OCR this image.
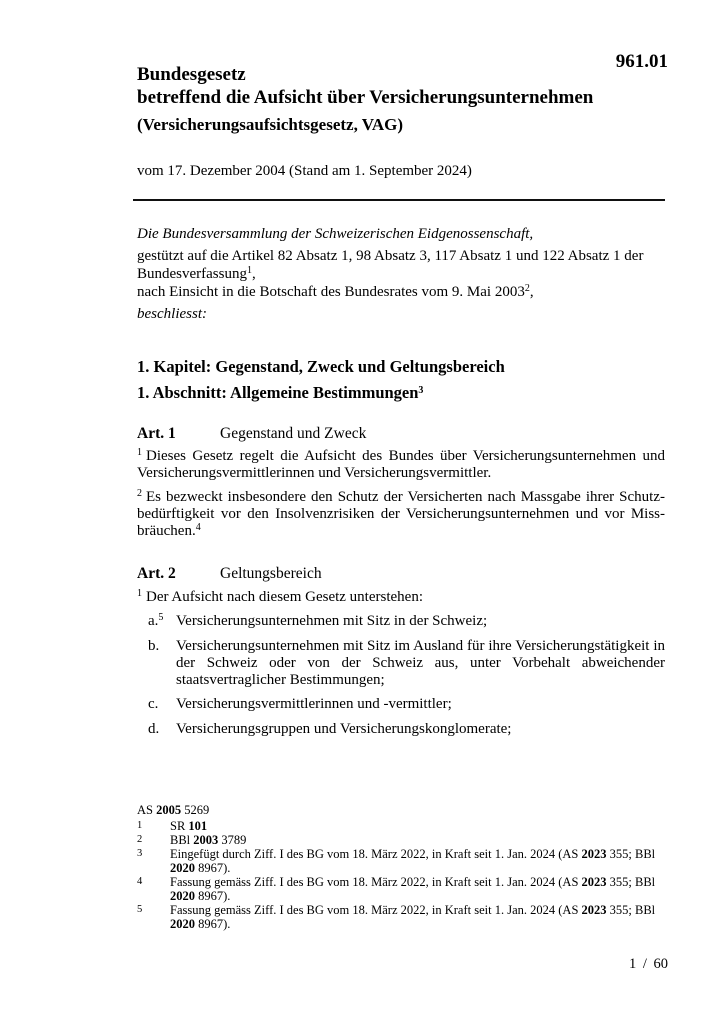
961.01
Bundesgesetz
betreffend die Aufsicht über Versicherungsunternehmen
(Versicherungsaufsichtsgesetz, VAG)
vom 17. Dezember 2004 (Stand am 1. September 2024)
Die Bundesversammlung der Schweizerischen Eidgenossenschaft,
gestützt auf die Artikel 82 Absatz 1, 98 Absatz 3, 117 Absatz 1 und 122 Absatz 1 der Bundesverfassung$^1$,
nach Einsicht in die Botschaft des Bundesrates vom 9. Mai 2003$^2$,
beschliesst:
1. Kapitel: Gegenstand, Zweck und Geltungsbereich
1. Abschnitt: Allgemeine Bestimmungen$^3$
Art. 1	Gegenstand und Zweck
$^1$ Dieses Gesetz regelt die Aufsicht des Bundes über Versicherungsunternehmen und Versicherungsvermittlerinnen und Versicherungsvermittler.
$^2$ Es bezweckt insbesondere den Schutz der Versicherten nach Massgabe ihrer Schutzbedürftigkeit vor den Insolvenzrisiken der Versicherungsunternehmen und vor Missbräuchen.$^4$
Art. 2	Geltungsbereich
$^1$ Der Aufsicht nach diesem Gesetz unterstehen:
a.$^5$ Versicherungsunternehmen mit Sitz in der Schweiz;
b.	Versicherungsunternehmen mit Sitz im Ausland für ihre Versicherungstätigkeit in der Schweiz oder von der Schweiz aus, unter Vorbehalt abweichender staatsvertraglicher Bestimmungen;
c.	Versicherungsvermittlerinnen und -vermittler;
d.	Versicherungsgruppen und Versicherungskonglomerate;
AS 2005 5269
1	SR 101
2	BBl 2003 3789
3	Eingefügt durch Ziff. I des BG vom 18. März 2022, in Kraft seit 1. Jan. 2024 (AS 2023 355; BBl 2020 8967).
4	Fassung gemäss Ziff. I des BG vom 18. März 2022, in Kraft seit 1. Jan. 2024 (AS 2023 355; BBl 2020 8967).
5	Fassung gemäss Ziff. I des BG vom 18. März 2022, in Kraft seit 1. Jan. 2024 (AS 2023 355; BBl 2020 8967).
1 / 60
